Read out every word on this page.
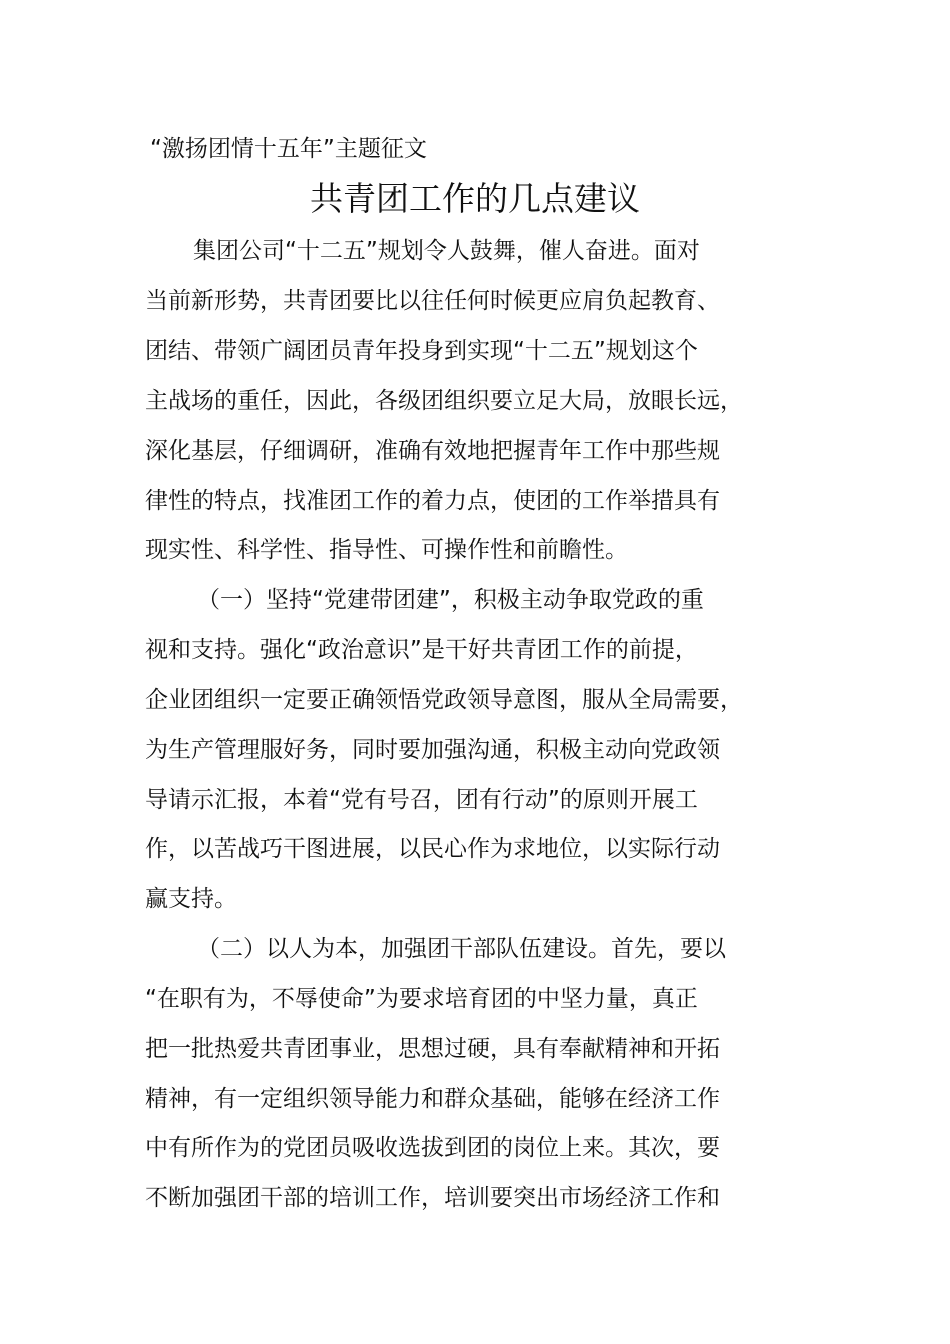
“激扬团情十五年”主题征文
共青团工作的几点建议
集团公司“十二五”规划令人鼓舞，催人奋进。面对
当前新形势，共青团要比以往任何时候更应肩负起教育、
团结、带领广阔团员青年投身到实现“十二五”规划这个
主战场的重任，因此，各级团组织要立足大局，放眼长远，
深化基层，仔细调研，准确有效地把握青年工作中那些规
律性的特点，找准团工作的着力点，使团的工作举措具有
现实性、科学性、指导性、可操作性和前瞻性。
（一）坚持“党建带团建”，积极主动争取党政的重
视和支持。强化“政治意识”是干好共青团工作的前提，
企业团组织一定要正确领悟党政领导意图，服从全局需要，
为生产管理服好务，同时要加强沟通，积极主动向党政领
导请示汇报，本着“党有号召，团有行动”的原则开展工
作，以苦战巧干图进展，以民心作为求地位，以实际行动
赢支持。
（二）以人为本，加强团干部队伍建设。首先，要以
“在职有为，不辱使命”为要求培育团的中坚力量，真正
把一批热爱共青团事业，思想过硬，具有奉献精神和开拓
精神，有一定组织领导能力和群众基础，能够在经济工作
中有所作为的党团员吸收选拔到团的岗位上来。其次，要
不断加强团干部的培训工作，培训要突出市场经济工作和
